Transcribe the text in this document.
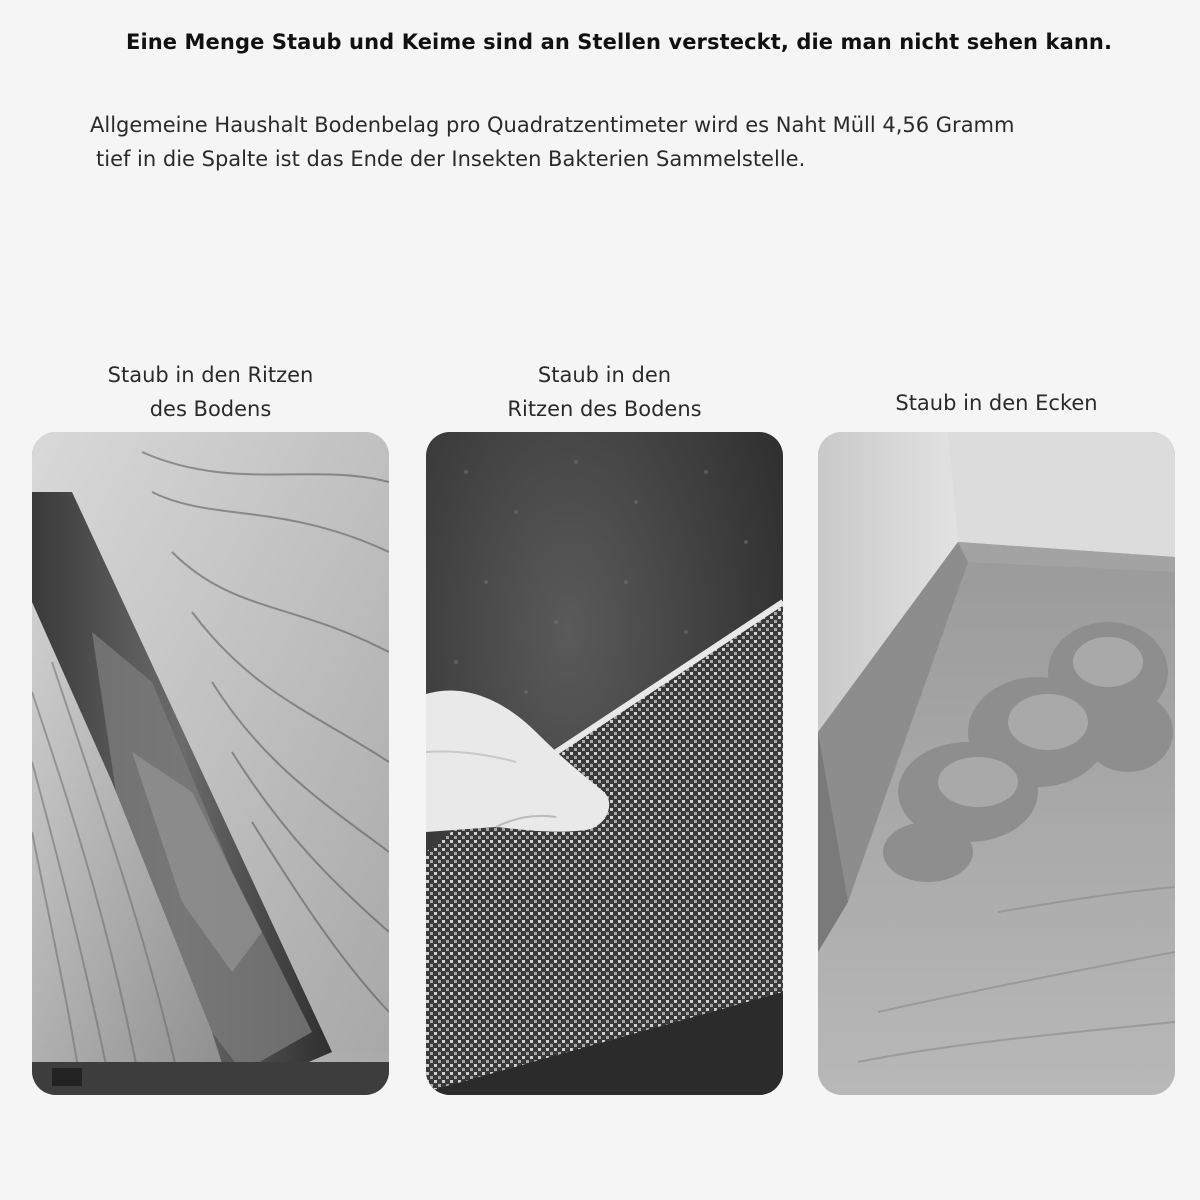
Eine Menge Staub und Keime sind an Stellen versteckt, die man nicht sehen kann.
Allgemeine Haushalt Bodenbelag pro Quadratzentimeter wird es Naht Müll 4,56 Gramm
tief in die Spalte ist das Ende der Insekten Bakterien Sammelstelle.
Staub in den Ritzen
des Bodens
Staub in den
Ritzen des Bodens	Staub in den Ecken
